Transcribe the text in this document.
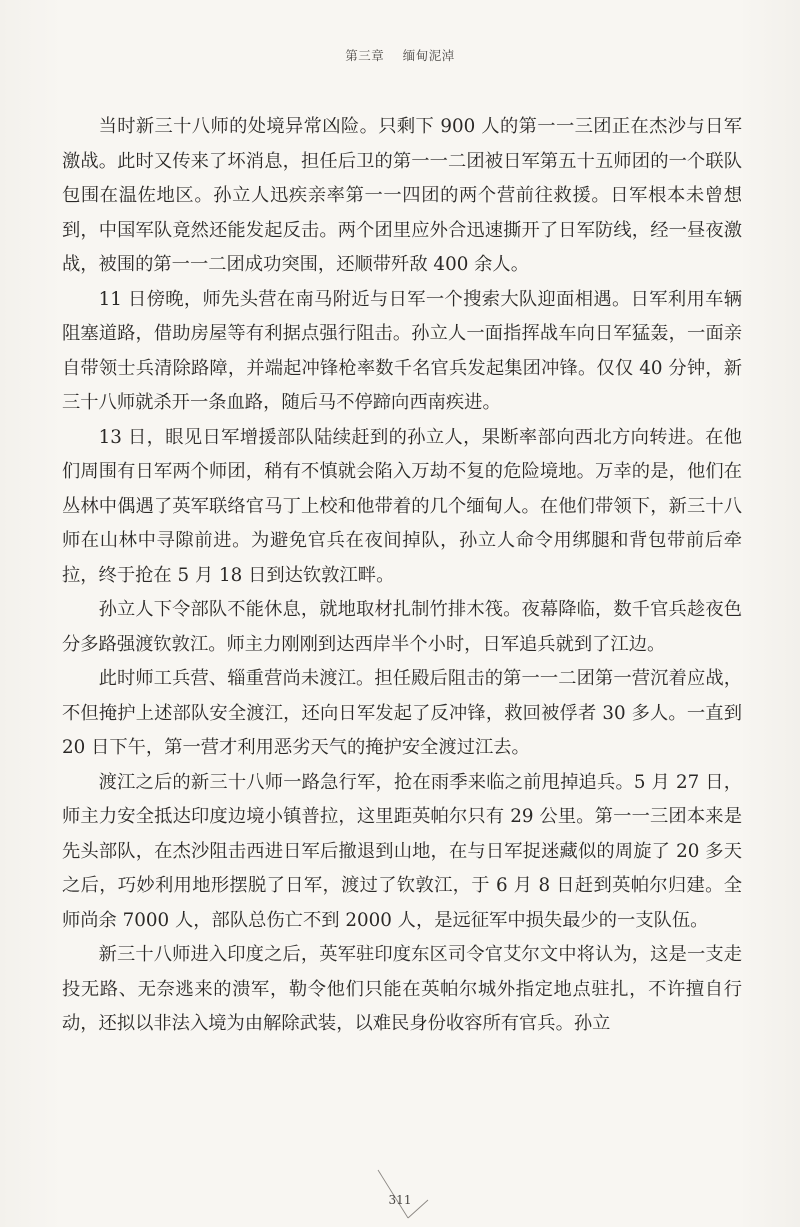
第三章 缅甸泥淖

当时新三十八师的处境异常凶险。只剩下 900 人的第一一三团正在杰沙与日军激战。此时又传来了坏消息，担任后卫的第一一二团被日军第五十五师团的一个联队包围在温佐地区。孙立人迅疾亲率第一一四团的两个营前往救援。日军根本未曾想到，中国军队竟然还能发起反击。两个团里应外合迅速撕开了日军防线，经一昼夜激战，被围的第一一二团成功突围，还顺带歼敌 400 余人。

11 日傍晚，师先头营在南马附近与日军一个搜索大队迎面相遇。日军利用车辆阻塞道路，借助房屋等有利据点强行阻击。孙立人一面指挥战车向日军猛轰，一面亲自带领士兵清除路障，并端起冲锋枪率数千名官兵发起集团冲锋。仅仅 40 分钟，新三十八师就杀开一条血路，随后马不停蹄向西南疾进。

13 日，眼见日军增援部队陆续赶到的孙立人，果断率部向西北方向转进。在他们周围有日军两个师团，稍有不慎就会陷入万劫不复的危险境地。万幸的是，他们在丛林中偶遇了英军联络官马丁上校和他带着的几个缅甸人。在他们带领下，新三十八师在山林中寻隙前进。为避免官兵在夜间掉队，孙立人命令用绑腿和背包带前后牵拉，终于抢在 5 月 18 日到达钦敦江畔。

孙立人下令部队不能休息，就地取材扎制竹排木筏。夜幕降临，数千官兵趁夜色分多路强渡钦敦江。师主力刚刚到达西岸半个小时，日军追兵就到了江边。

此时师工兵营、辎重营尚未渡江。担任殿后阻击的第一一二团第一营沉着应战，不但掩护上述部队安全渡江，还向日军发起了反冲锋，救回被俘者 30 多人。一直到 20 日下午，第一营才利用恶劣天气的掩护安全渡过江去。

渡江之后的新三十八师一路急行军，抢在雨季来临之前甩掉追兵。5 月 27 日，师主力安全抵达印度边境小镇普拉，这里距英帕尔只有 29 公里。第一一三团本来是先头部队，在杰沙阻击西进日军后撤退到山地，在与日军捉迷藏似的周旋了 20 多天之后，巧妙利用地形摆脱了日军，渡过了钦敦江，于 6 月 8 日赶到英帕尔归建。全师尚余 7000 人，部队总伤亡不到 2000 人，是远征军中损失最少的一支队伍。

新三十八师进入印度之后，英军驻印度东区司令官艾尔文中将认为，这是一支走投无路、无奈逃来的溃军，勒令他们只能在英帕尔城外指定地点驻扎，不许擅自行动，还拟以非法入境为由解除武装，以难民身份收容所有官兵。孙立

311
